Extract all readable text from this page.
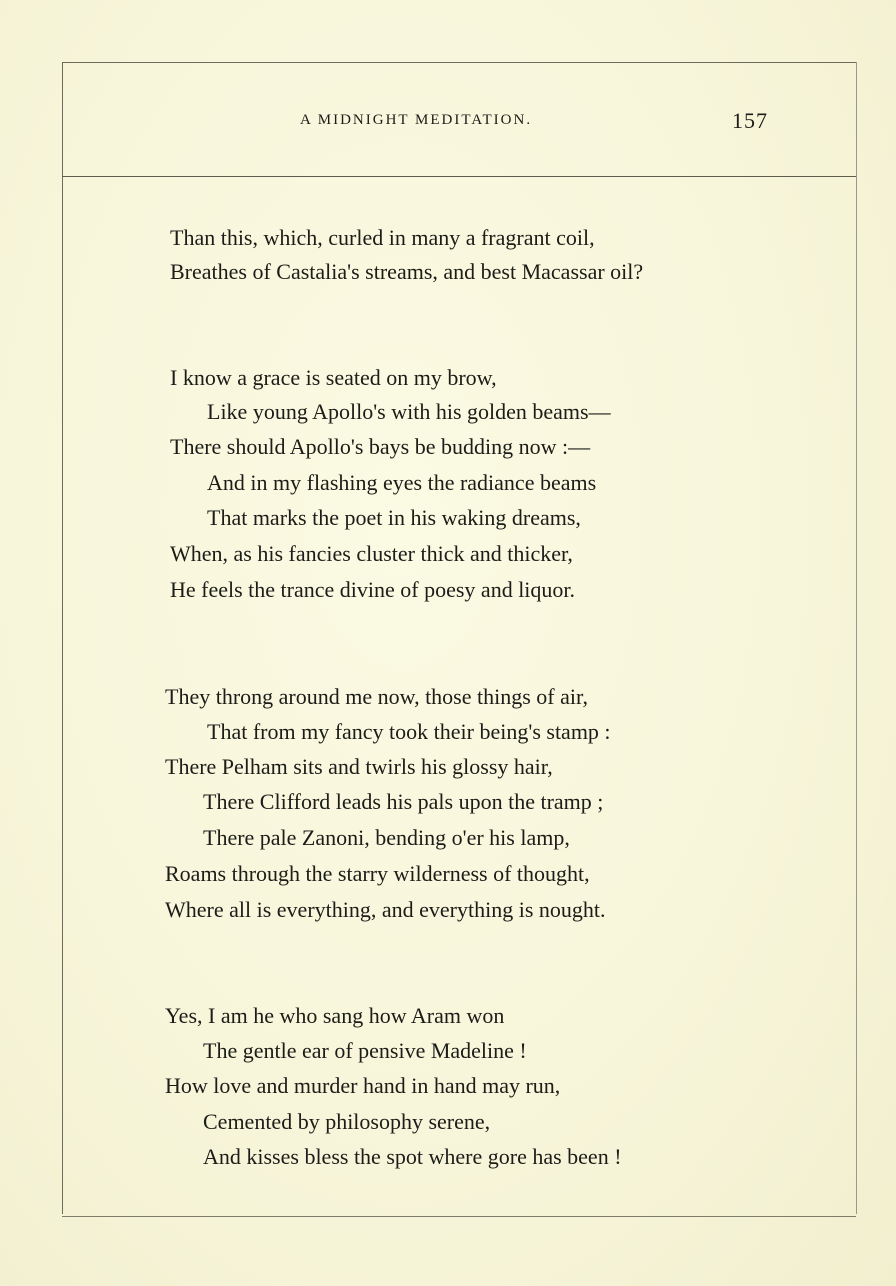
A MIDNIGHT MEDITATION.	157
Than this, which, curled in many a fragrant coil,
Breathes of Castalia's streams, and best Macassar oil?
I know a grace is seated on my brow,
Like young Apollo's with his golden beams—
There should Apollo's bays be budding now :—
And in my flashing eyes the radiance beams
That marks the poet in his waking dreams,
When, as his fancies cluster thick and thicker,
He feels the trance divine of poesy and liquor.
They throng around me now, those things of air,
That from my fancy took their being's stamp :
There Pelham sits and twirls his glossy hair,
There Clifford leads his pals upon the tramp ;
There pale Zanoni, bending o'er his lamp,
Roams through the starry wilderness of thought,
Where all is everything, and everything is nought.
Yes, I am he who sang how Aram won
The gentle ear of pensive Madeline !
How love and murder hand in hand may run,
Cemented by philosophy serene,
And kisses bless the spot where gore has been !
